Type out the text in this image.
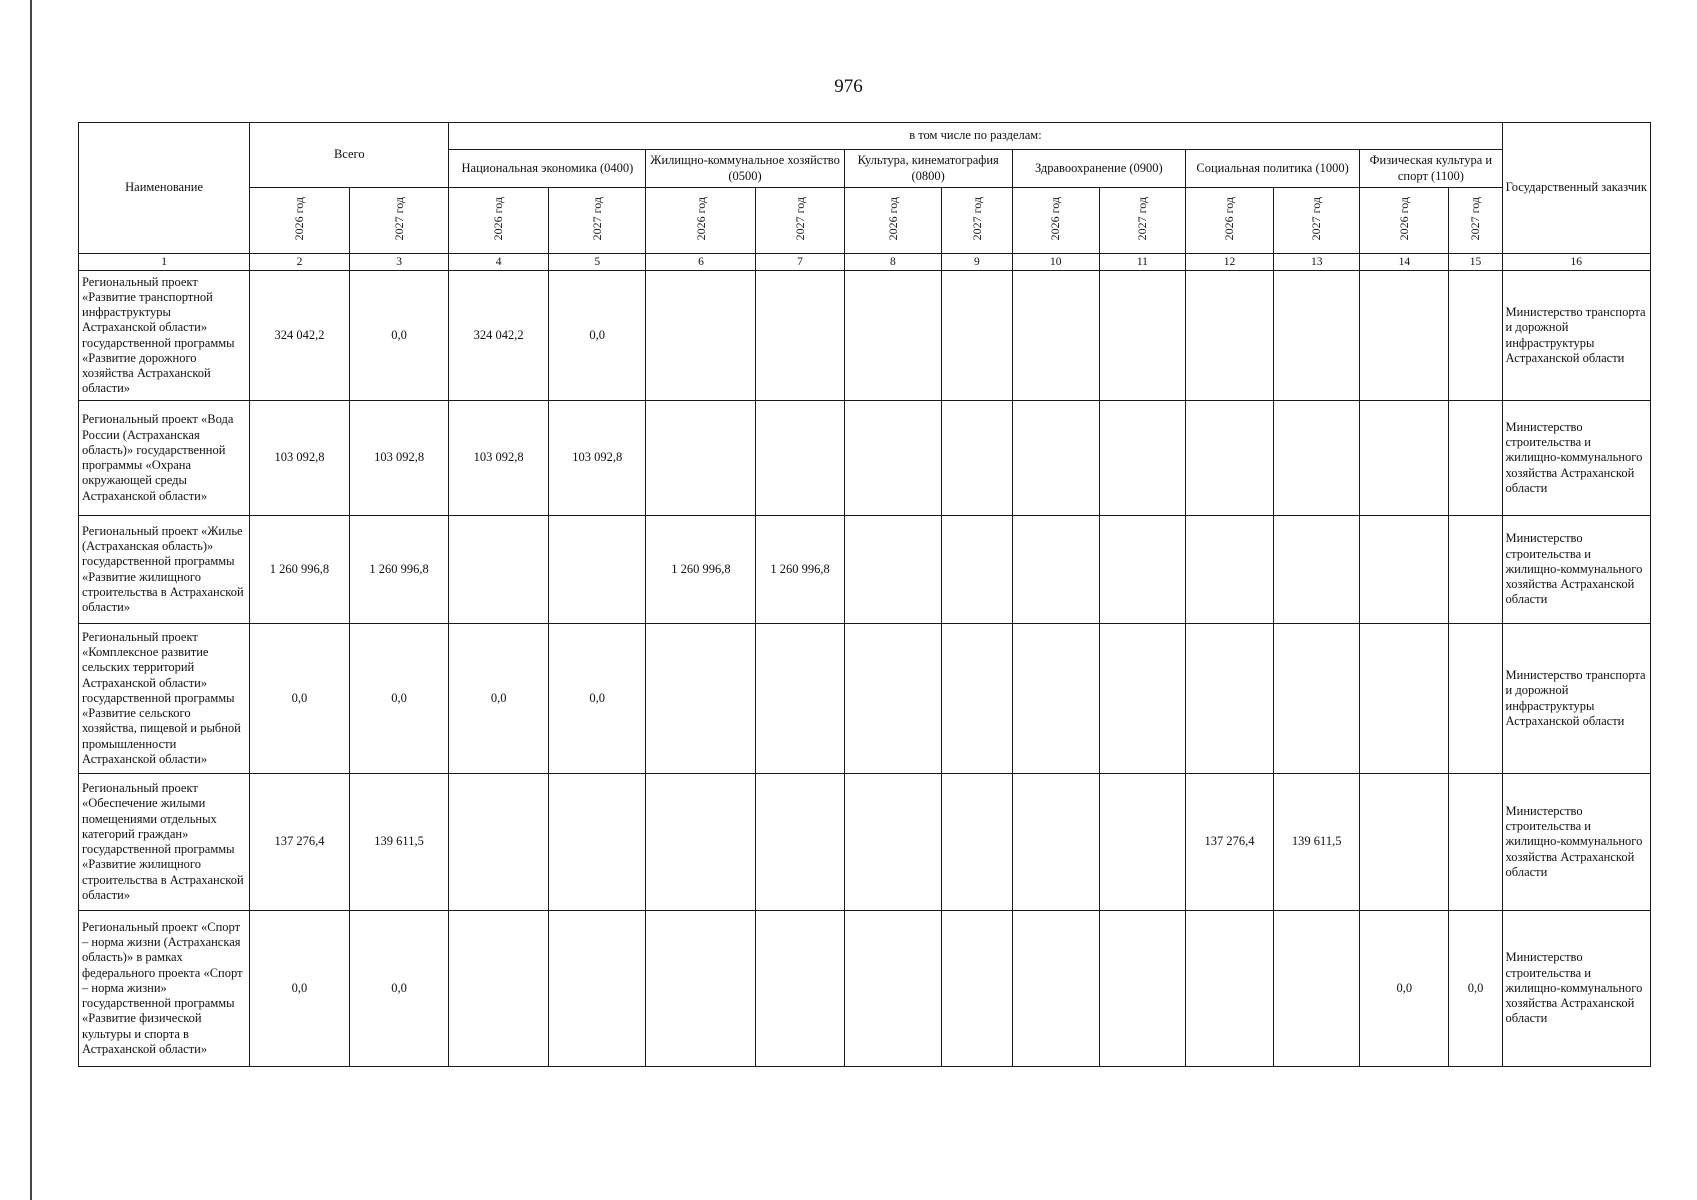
976
Наименование	Всего		в том числе по разделам:												Государственный заказчик
			Национальная экономика (0400)		Жилищно-коммунальное хозяйство (0500)		Культура, кинематография (0800)		Здравоохранение (0900)		Социальная политика (1000)		Физическая культура и спорт (1100)		
	2026 год	2027 год	2026 год	2027 год	2026 год	2027 год	2026 год	2027 год	2026 год	2027 год	2026 год	2027 год	2026 год	2027 год	
1	2	3	4	5	6	7	8	9	10	11	12	13	14	15	16
Региональный проект «Развитие транспортной инфраструктуры Астраханской области» государственной программы «Развитие дорожного хозяйства Астраханской области»	324 042,2	0,0	324 042,2	0,0											Министерство транспорта и дорожной инфраструктуры Астраханской области
Региональный проект «Вода России (Астраханская область)» государственной программы «Охрана окружающей среды Астраханской области»	103 092,8	103 092,8	103 092,8	103 092,8											Министерство строительства и жилищно-коммунального хозяйства Астраханской области
Региональный проект «Жилье (Астраханская область)» государственной программы «Развитие жилищного строительства в Астраханской области»	1 260 996,8	1 260 996,8			1 260 996,8	1 260 996,8									Министерство строительства и жилищно-коммунального хозяйства Астраханской области
Региональный проект «Комплексное развитие сельских территорий Астраханской области» государственной программы «Развитие сельского хозяйства, пищевой и рыбной промышленности Астраханской области»	0,0	0,0	0,0	0,0											Министерство транспорта и дорожной инфраструктуры Астраханской области
Региональный проект «Обеспечение жилыми помещениями отдельных категорий граждан» государственной программы «Развитие жилищного строительства в Астраханской области»	137 276,4	139 611,5									137 276,4	139 611,5			Министерство строительства и жилищно-коммунального хозяйства Астраханской области
Региональный проект «Спорт – норма жизни (Астраханская область)» в рамках федерального проекта «Спорт – норма жизни» государственной программы «Развитие физической культуры и спорта в Астраханской области»	0,0	0,0											0,0	0,0	Министерство строительства и жилищно-коммунального хозяйства Астраханской области
